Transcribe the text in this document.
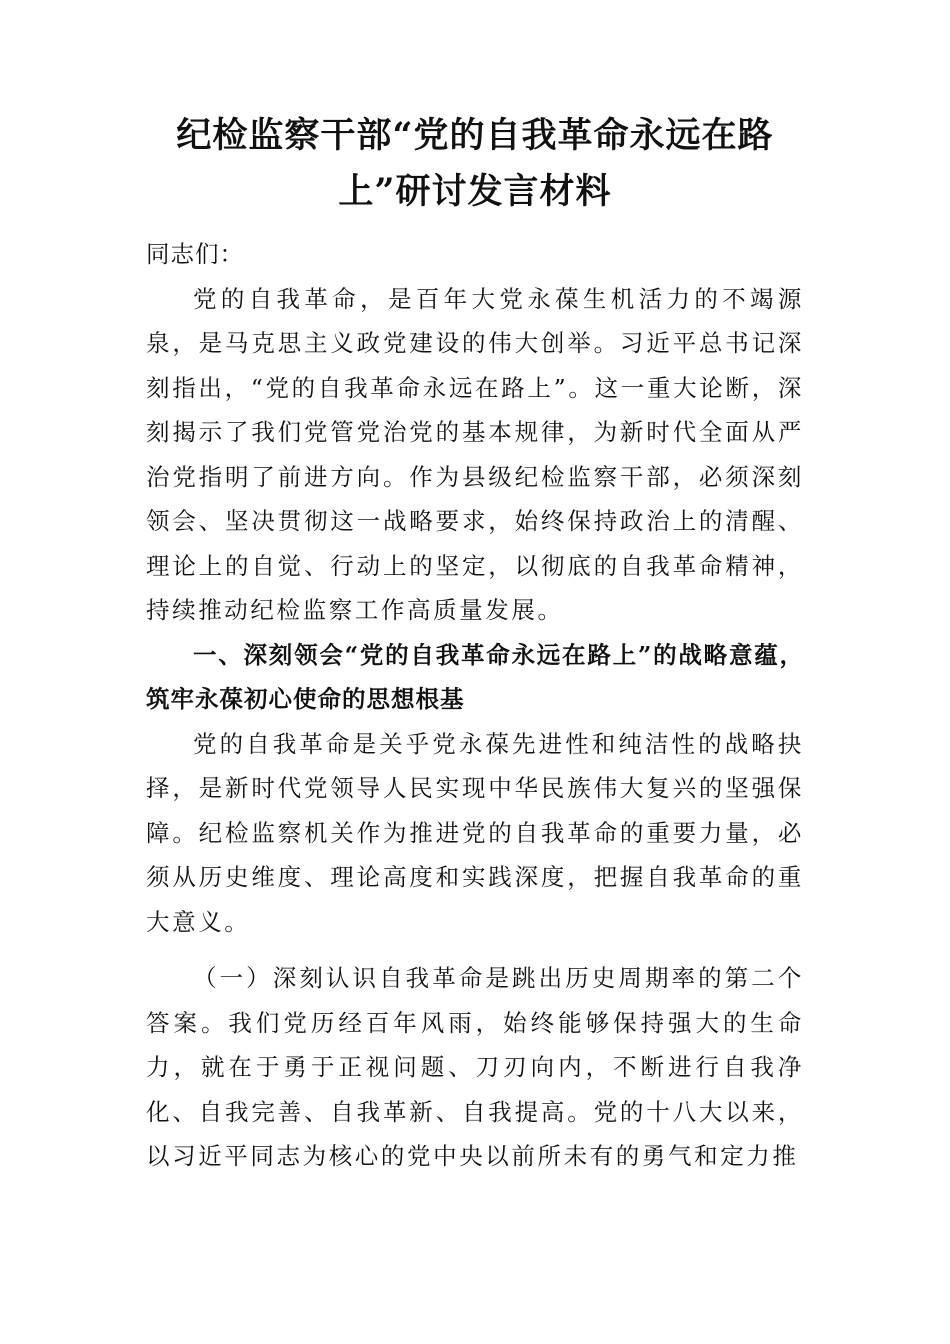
纪检监察干部“党的自我革命永远在路
上”研讨发言材料

同志们：

党的自我革命，是百年大党永葆生机活力的不竭源泉，是马克思主义政党建设的伟大创举。习近平总书记深刻指出，“党的自我革命永远在路上”。这一重大论断，深刻揭示了我们党管党治党的基本规律，为新时代全面从严治党指明了前进方向。作为县级纪检监察干部，必须深刻领会、坚决贯彻这一战略要求，始终保持政治上的清醒、理论上的自觉、行动上的坚定，以彻底的自我革命精神，持续推动纪检监察工作高质量发展。

一、深刻领会“党的自我革命永远在路上”的战略意蕴，筑牢永葆初心使命的思想根基

党的自我革命是关乎党永葆先进性和纯洁性的战略抉择，是新时代党领导人民实现中华民族伟大复兴的坚强保障。纪检监察机关作为推进党的自我革命的重要力量，必须从历史维度、理论高度和实践深度，把握自我革命的重大意义。

（一）深刻认识自我革命是跳出历史周期率的第二个答案。我们党历经百年风雨，始终能够保持强大的生命力，就在于勇于正视问题、刀刃向内，不断进行自我净化、自我完善、自我革新、自我提高。党的十八大以来，以习近平同志为核心的党中央以前所未有的勇气和定力推
